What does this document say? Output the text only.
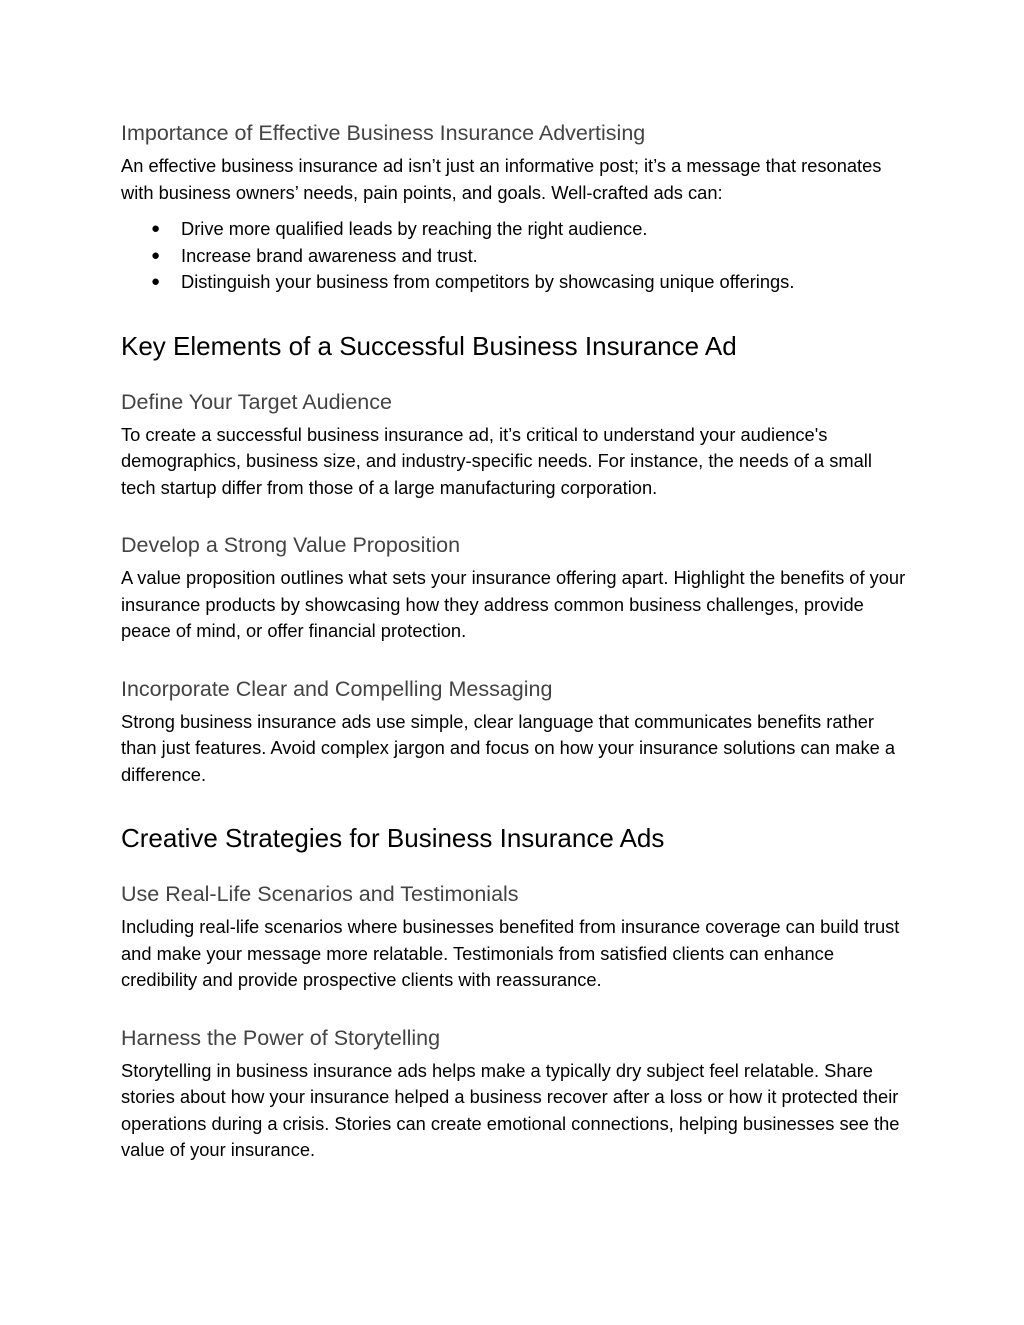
Importance of Effective Business Insurance Advertising

An effective business insurance ad isn’t just an informative post; it’s a message that resonates with business owners’ needs, pain points, and goals. Well-crafted ads can:

● Drive more qualified leads by reaching the right audience.
● Increase brand awareness and trust.
● Distinguish your business from competitors by showcasing unique offerings.
Key Elements of a Successful Business Insurance Ad
Define Your Target Audience

To create a successful business insurance ad, it’s critical to understand your audience's demographics, business size, and industry-specific needs. For instance, the needs of a small tech startup differ from those of a large manufacturing corporation.

Develop a Strong Value Proposition

A value proposition outlines what sets your insurance offering apart. Highlight the benefits of your insurance products by showcasing how they address common business challenges, provide peace of mind, or offer financial protection.

Incorporate Clear and Compelling Messaging

Strong business insurance ads use simple, clear language that communicates benefits rather than just features. Avoid complex jargon and focus on how your insurance solutions can make a difference.

Creative Strategies for Business Insurance Ads
Use Real-Life Scenarios and Testimonials

Including real-life scenarios where businesses benefited from insurance coverage can build trust and make your message more relatable. Testimonials from satisfied clients can enhance credibility and provide prospective clients with reassurance.

Harness the Power of Storytelling

Storytelling in business insurance ads helps make a typically dry subject feel relatable. Share stories about how your insurance helped a business recover after a loss or how it protected their operations during a crisis. Stories can create emotional connections, helping businesses see the value of your insurance.
